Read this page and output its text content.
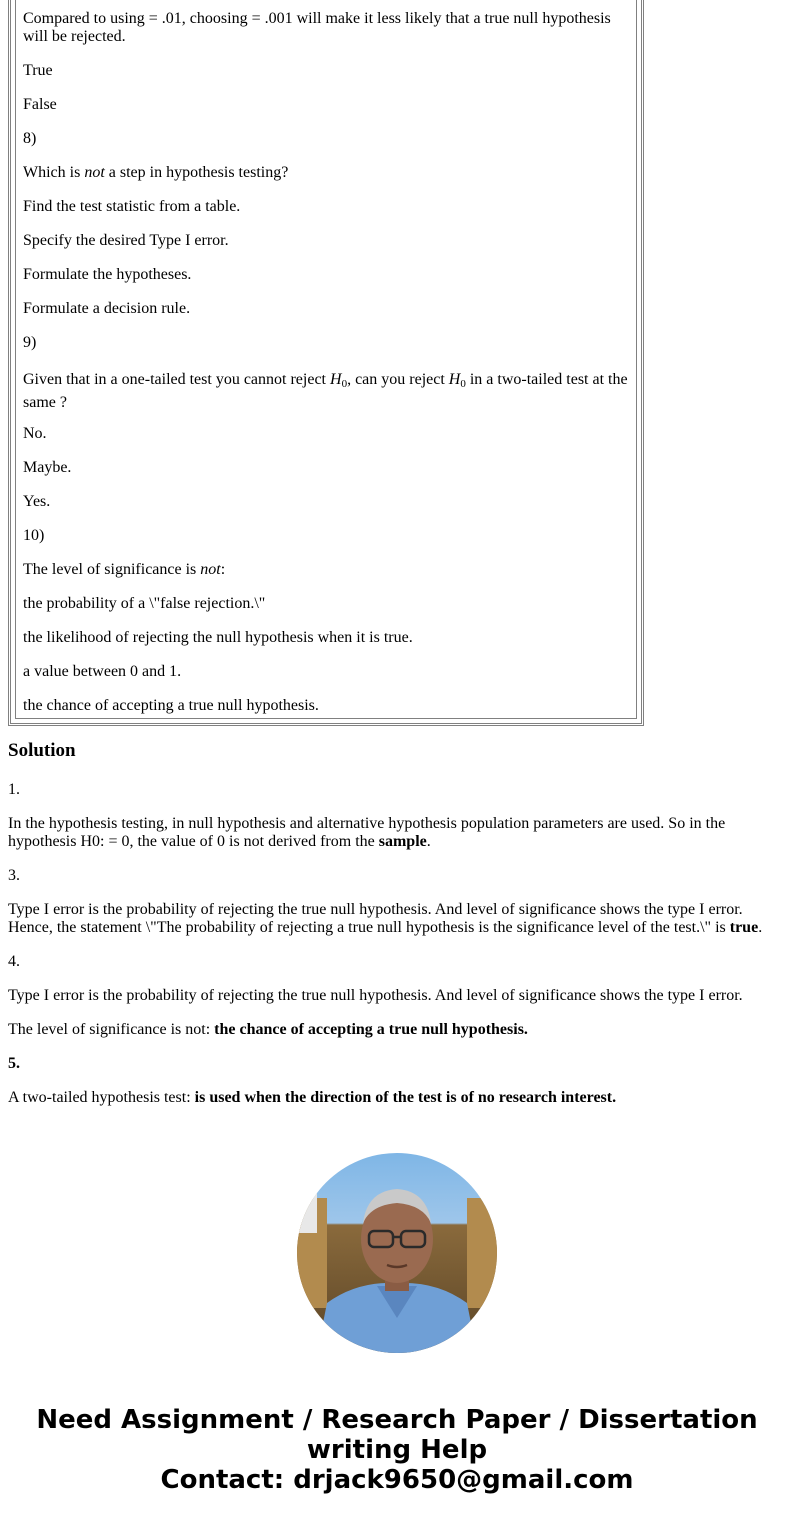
Compared to using = .01, choosing = .001 will make it less likely that a true null hypothesis will be rejected.

True

False

8)

Which is not a step in hypothesis testing?

Find the test statistic from a table.

Specify the desired Type I error.

Formulate the hypotheses.

Formulate a decision rule.

9)

Given that in a one-tailed test you cannot reject $H_0$, can you reject $H_0$ in a two-tailed test at the same ?

No.

Maybe.

Yes.

10)

The level of significance is not:

the probability of a \"false rejection.\"

the likelihood of rejecting the null hypothesis when it is true.

a value between 0 and 1.

the chance of accepting a true null hypothesis.

Solution

1.

In the hypothesis testing, in null hypothesis and alternative hypothesis population parameters are used. So in the hypothesis H0: = 0, the value of 0 is not derived from the sample.

3.

Type I error is the probability of rejecting the true null hypothesis. And level of significance shows the type I error. Hence, the statement \"The probability of rejecting a true null hypothesis is the significance level of the test.\" is true.

4.

Type I error is the probability of rejecting the true null hypothesis. And level of significance shows the type I error.

The level of significance is not: the chance of accepting a true null hypothesis.

5.

A two-tailed hypothesis test: is used when the direction of the test is of no research interest.

Need Assignment / Research Paper / Dissertation
writing Help
Contact: drjack9650@gmail.com
